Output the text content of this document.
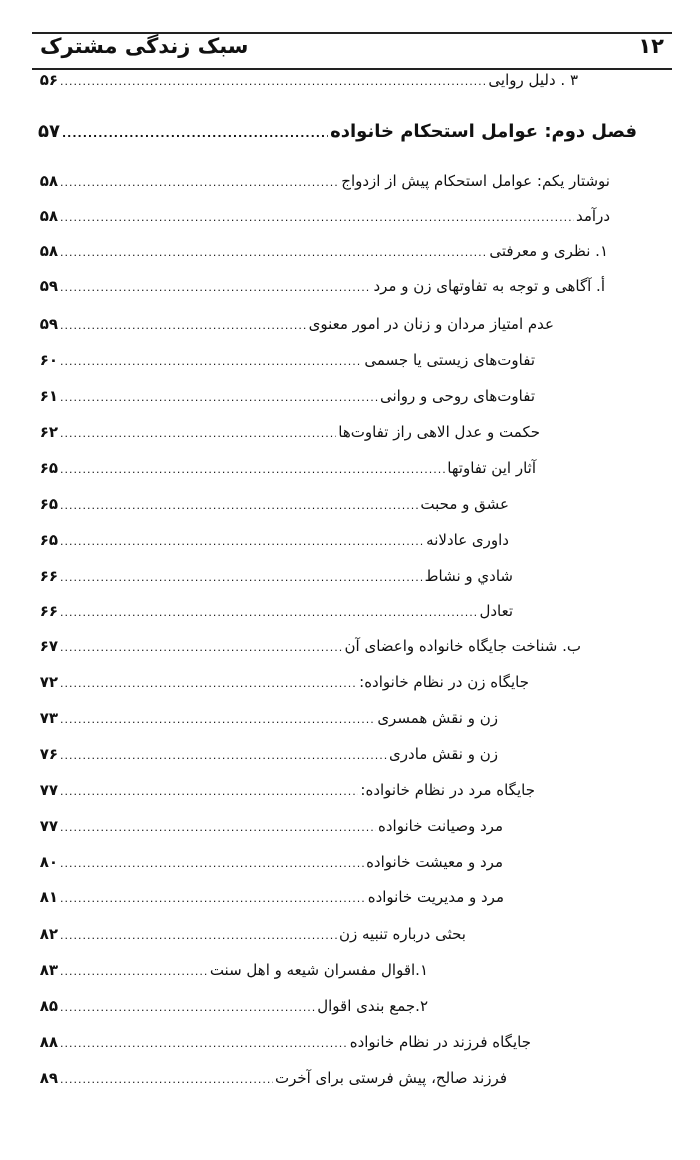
سبک زندگی مشترک	۱۲
۳ . دلیل روایی
.....
۵۶
فصل دوم: عوامل استحکام خانواده
.....
۵۷
نوشتار یکم: عوامل استحکام پیش از ازدواج
.....
۵۸
درآمد
.....
۵۸
۱. نظری و معرفتی
.....
۵۸
أ. آگاهی و توجه به تفاوتهای زن و مرد
.....
۵۹
عدم امتیاز مردان و زنان در امور معنوی
.....
۵۹
تفاوت‌های زیستی یا جسمی
.....
۶۰
تفاوت‌های روحی و روانی
.....
۶۱
حکمت و عدل الاهی راز تفاوت‌ها
.....
۶۲
آثار این تفاوتها
.....
۶۵
عشق و محبت
.....
۶۵
داوری عادلانه
.....
۶۵
شادي و نشاط
.....
۶۶
تعادل
.....
۶۶
ب. شناخت جایگاه خانواده واعضای آن
.....
۶۷
جایگاه زن در نظام خانواده:
.....
۷۲
زن و نقش همسری
.....
۷۳
زن و نقش مادری
.....
۷۶
جایگاه مرد در نظام خانواده:
.....
۷۷
مرد وصیانت خانواده
.....
۷۷
مرد و معیشت خانواده
.....
۸۰
مرد و مدیریت خانواده
.....
۸۱
بحثی درباره تنبیه زن
.....
۸۲
۱.اقوال مفسران شیعه و اهل سنت
.....
۸۳
۲.جمع بندی اقوال
.....
۸۵
جایگاه فرزند در نظام خانواده
.....
۸۸
فرزند صالح، پیش فرستی برای آخرت
.....
۸۹
